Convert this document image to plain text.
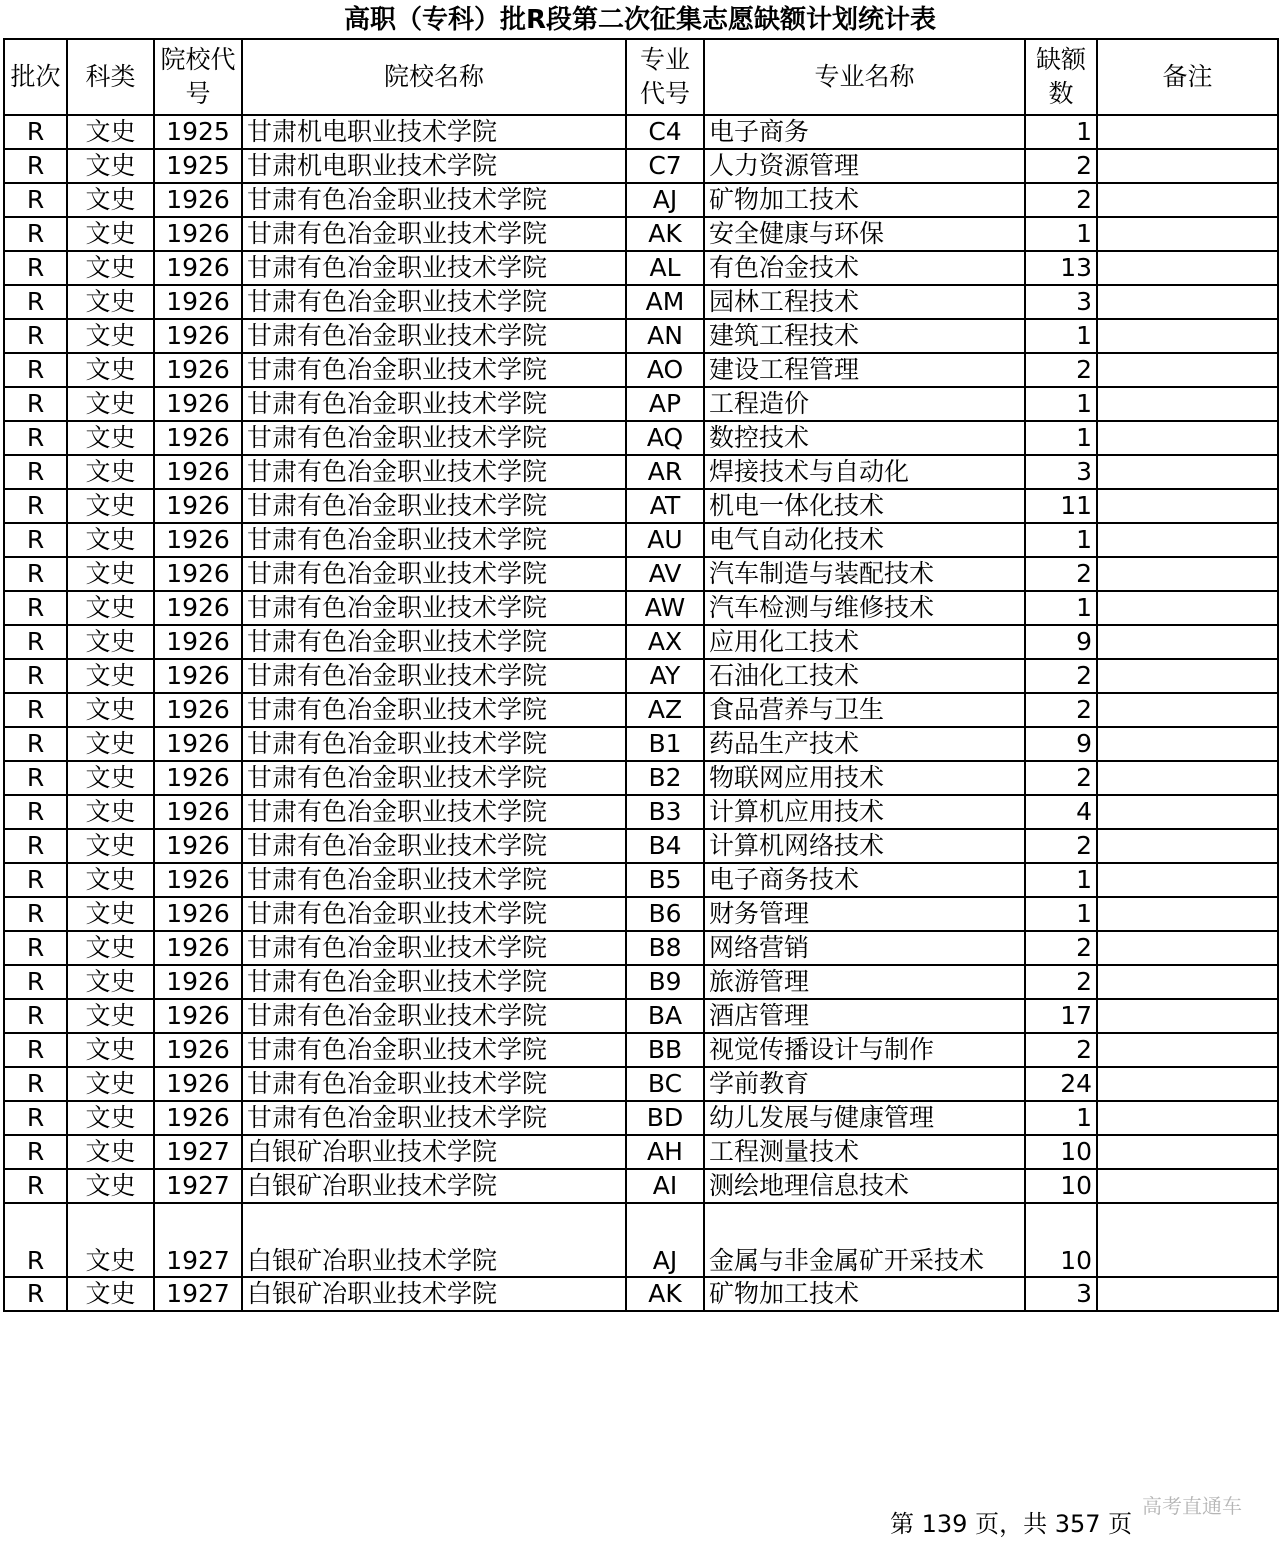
高职（专科）批R段第二次征集志愿缺额计划统计表
批次	科类	院校代号	院校名称	专业代号	专业名称	缺额数	备注
R	文史	1925	甘肃机电职业技术学院	C4	电子商务	1	
R	文史	1925	甘肃机电职业技术学院	C7	人力资源管理	2	
R	文史	1926	甘肃有色冶金职业技术学院	AJ	矿物加工技术	2	
R	文史	1926	甘肃有色冶金职业技术学院	AK	安全健康与环保	1	
R	文史	1926	甘肃有色冶金职业技术学院	AL	有色冶金技术	13	
R	文史	1926	甘肃有色冶金职业技术学院	AM	园林工程技术	3	
R	文史	1926	甘肃有色冶金职业技术学院	AN	建筑工程技术	1	
R	文史	1926	甘肃有色冶金职业技术学院	AO	建设工程管理	2	
R	文史	1926	甘肃有色冶金职业技术学院	AP	工程造价	1	
R	文史	1926	甘肃有色冶金职业技术学院	AQ	数控技术	1	
R	文史	1926	甘肃有色冶金职业技术学院	AR	焊接技术与自动化	3	
R	文史	1926	甘肃有色冶金职业技术学院	AT	机电一体化技术	11	
R	文史	1926	甘肃有色冶金职业技术学院	AU	电气自动化技术	1	
R	文史	1926	甘肃有色冶金职业技术学院	AV	汽车制造与装配技术	2	
R	文史	1926	甘肃有色冶金职业技术学院	AW	汽车检测与维修技术	1	
R	文史	1926	甘肃有色冶金职业技术学院	AX	应用化工技术	9	
R	文史	1926	甘肃有色冶金职业技术学院	AY	石油化工技术	2	
R	文史	1926	甘肃有色冶金职业技术学院	AZ	食品营养与卫生	2	
R	文史	1926	甘肃有色冶金职业技术学院	B1	药品生产技术	9	
R	文史	1926	甘肃有色冶金职业技术学院	B2	物联网应用技术	2	
R	文史	1926	甘肃有色冶金职业技术学院	B3	计算机应用技术	4	
R	文史	1926	甘肃有色冶金职业技术学院	B4	计算机网络技术	2	
R	文史	1926	甘肃有色冶金职业技术学院	B5	电子商务技术	1	
R	文史	1926	甘肃有色冶金职业技术学院	B6	财务管理	1	
R	文史	1926	甘肃有色冶金职业技术学院	B8	网络营销	2	
R	文史	1926	甘肃有色冶金职业技术学院	B9	旅游管理	2	
R	文史	1926	甘肃有色冶金职业技术学院	BA	酒店管理	17	
R	文史	1926	甘肃有色冶金职业技术学院	BB	视觉传播设计与制作	2	
R	文史	1926	甘肃有色冶金职业技术学院	BC	学前教育	24	
R	文史	1926	甘肃有色冶金职业技术学院	BD	幼儿发展与健康管理	1	
R	文史	1927	白银矿冶职业技术学院	AH	工程测量技术	10	
R	文史	1927	白银矿冶职业技术学院	AI	测绘地理信息技术	10	
R	文史	1927	白银矿冶职业技术学院	AJ	金属与非金属矿开采技术	10	
R	文史	1927	白银矿冶职业技术学院	AK	矿物加工技术	3	
高考直通车
第 139 页，共 357 页
